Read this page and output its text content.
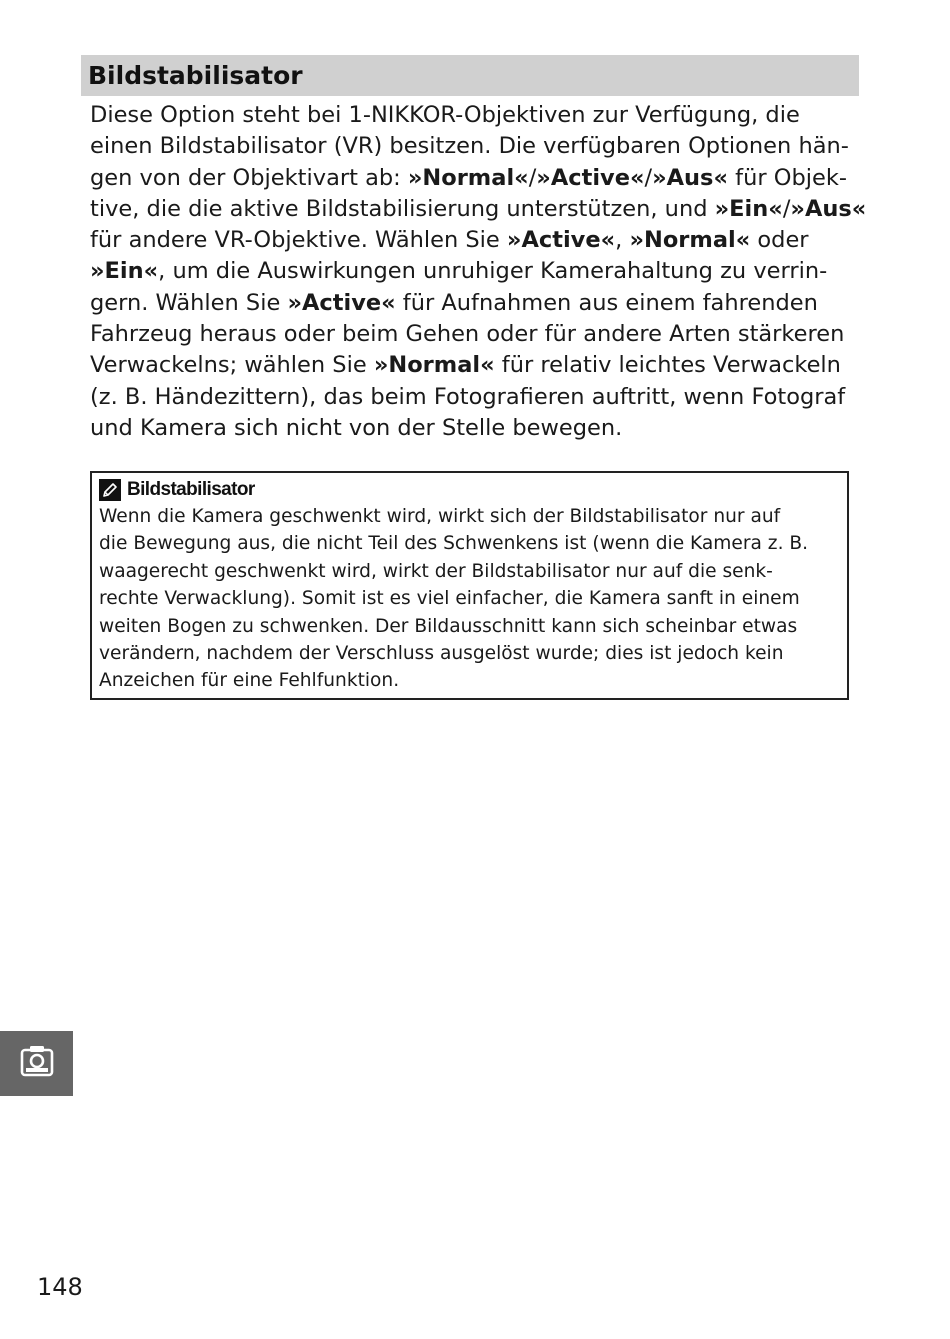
Bildstabilisator
Diese Option steht bei 1-NIKKOR-Objektiven zur Verfügung, die
einen Bildstabilisator (VR) besitzen. Die verfügbaren Optionen hän-
gen von der Objektivart ab: »Normal«/»Active«/»Aus« für Objek-
tive, die die aktive Bildstabilisierung unterstützen, und »Ein«/»Aus«
für andere VR-Objektive. Wählen Sie »Active«, »Normal« oder
»Ein«, um die Auswirkungen unruhiger Kamerahaltung zu verrin-
gern. Wählen Sie »Active« für Aufnahmen aus einem fahrenden
Fahrzeug heraus oder beim Gehen oder für andere Arten stärkeren
Verwackelns; wählen Sie »Normal« für relativ leichtes Verwackeln
(z. B. Händezittern), das beim Fotografieren auftritt, wenn Fotograf
und Kamera sich nicht von der Stelle bewegen.
Bildstabilisator
Wenn die Kamera geschwenkt wird, wirkt sich der Bildstabilisator nur auf
die Bewegung aus, die nicht Teil des Schwenkens ist (wenn die Kamera z. B.
waagerecht geschwenkt wird, wirkt der Bildstabilisator nur auf die senk-
rechte Verwacklung). Somit ist es viel einfacher, die Kamera sanft in einem
weiten Bogen zu schwenken. Der Bildausschnitt kann sich scheinbar etwas
verändern, nachdem der Verschluss ausgelöst wurde; dies ist jedoch kein
Anzeichen für eine Fehlfunktion.
148
